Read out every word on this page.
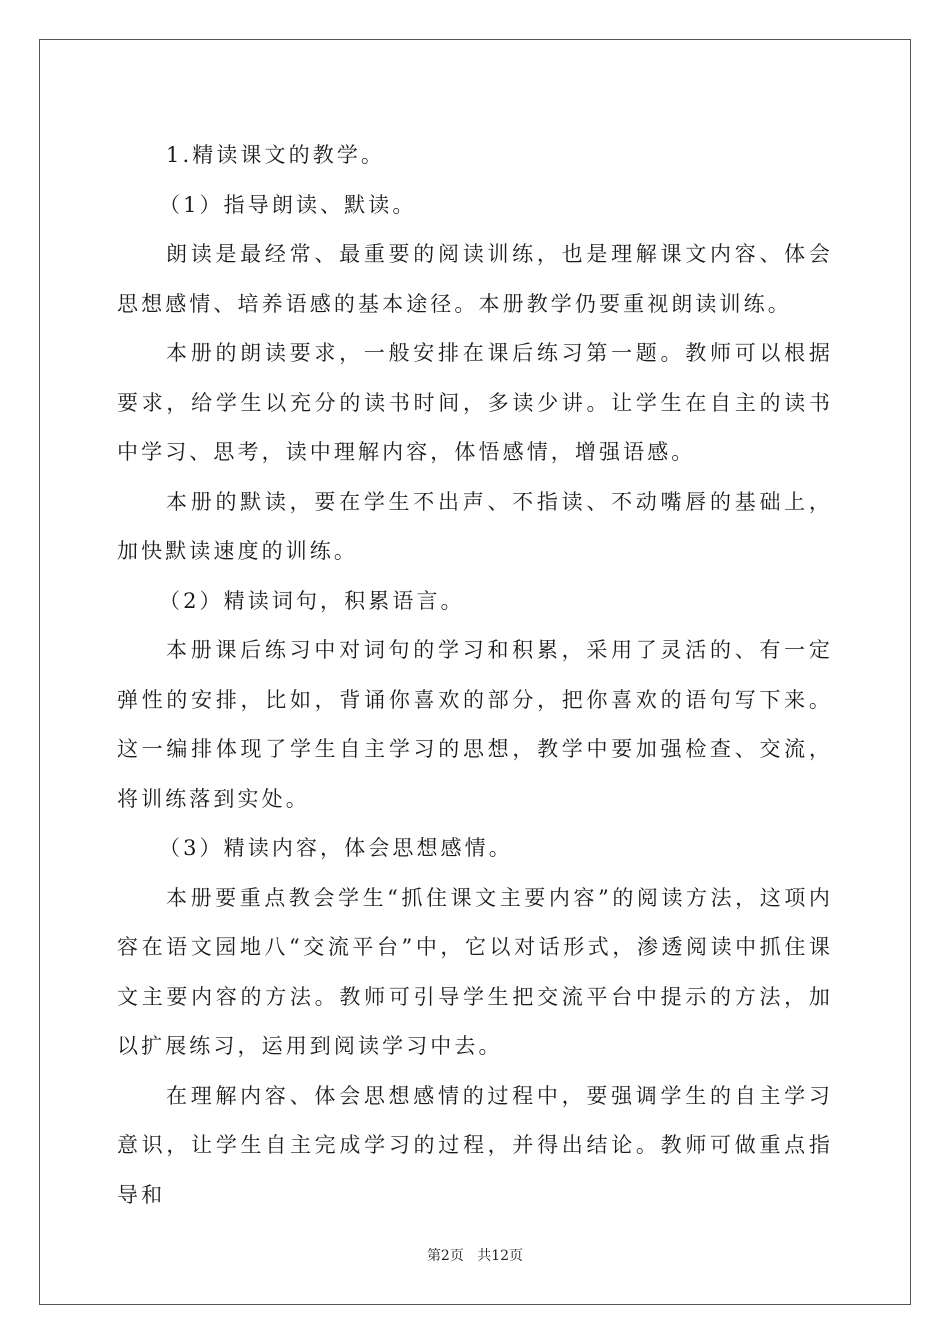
1.精读课文的教学。

（1）指导朗读、默读。

朗读是最经常、最重要的阅读训练，也是理解课文内容、体会思想感情、培养语感的基本途径。本册教学仍要重视朗读训练。

本册的朗读要求，一般安排在课后练习第一题。教师可以根据要求，给学生以充分的读书时间，多读少讲。让学生在自主的读书中学习、思考，读中理解内容，体悟感情，增强语感。

本册的默读，要在学生不出声、不指读、不动嘴唇的基础上，加快默读速度的训练。

（2）精读词句，积累语言。

本册课后练习中对词句的学习和积累，采用了灵活的、有一定弹性的安排，比如，背诵你喜欢的部分，把你喜欢的语句写下来。这一编排体现了学生自主学习的思想，教学中要加强检查、交流，将训练落到实处。

（3）精读内容，体会思想感情。

本册要重点教会学生“抓住课文主要内容”的阅读方法，这项内容在语文园地八“交流平台”中，它以对话形式，渗透阅读中抓住课文主要内容的方法。教师可引导学生把交流平台中提示的方法，加以扩展练习，运用到阅读学习中去。

在理解内容、体会思想感情的过程中，要强调学生的自主学习意识，让学生自主完成学习的过程，并得出结论。教师可做重点指导和

第2页 共12页
